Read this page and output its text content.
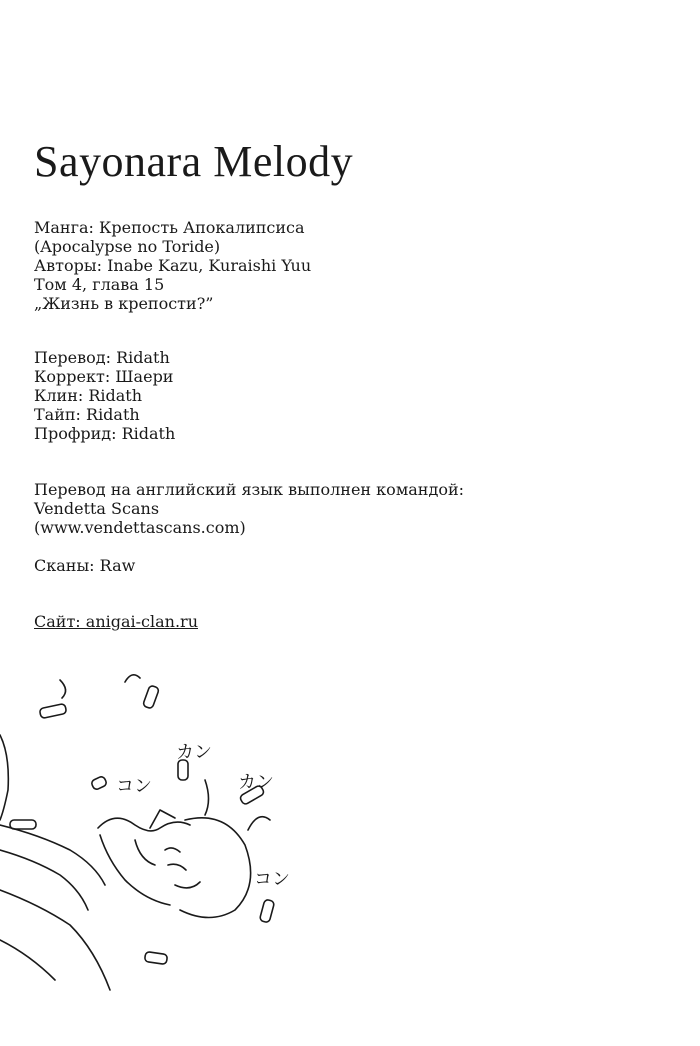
Sayonara Melody
Манга: Крепость Апокалипсиса
(Apocalypse no Toride)
Авторы: Inabe Kazu, Kuraishi Yuu
Том 4, глава 15
„Жизнь в крепости?”
Перевод: Ridath
Коррект: Шаери
Клин: Ridath
Тайп: Ridath
Профрид: Ridath
Перевод на английский язык выполнен командой:
Vendetta Scans
(www.vendettascans.com)
Сканы: Raw
Сайт: anigai-clan.ru
カン
カン
コン
コン
